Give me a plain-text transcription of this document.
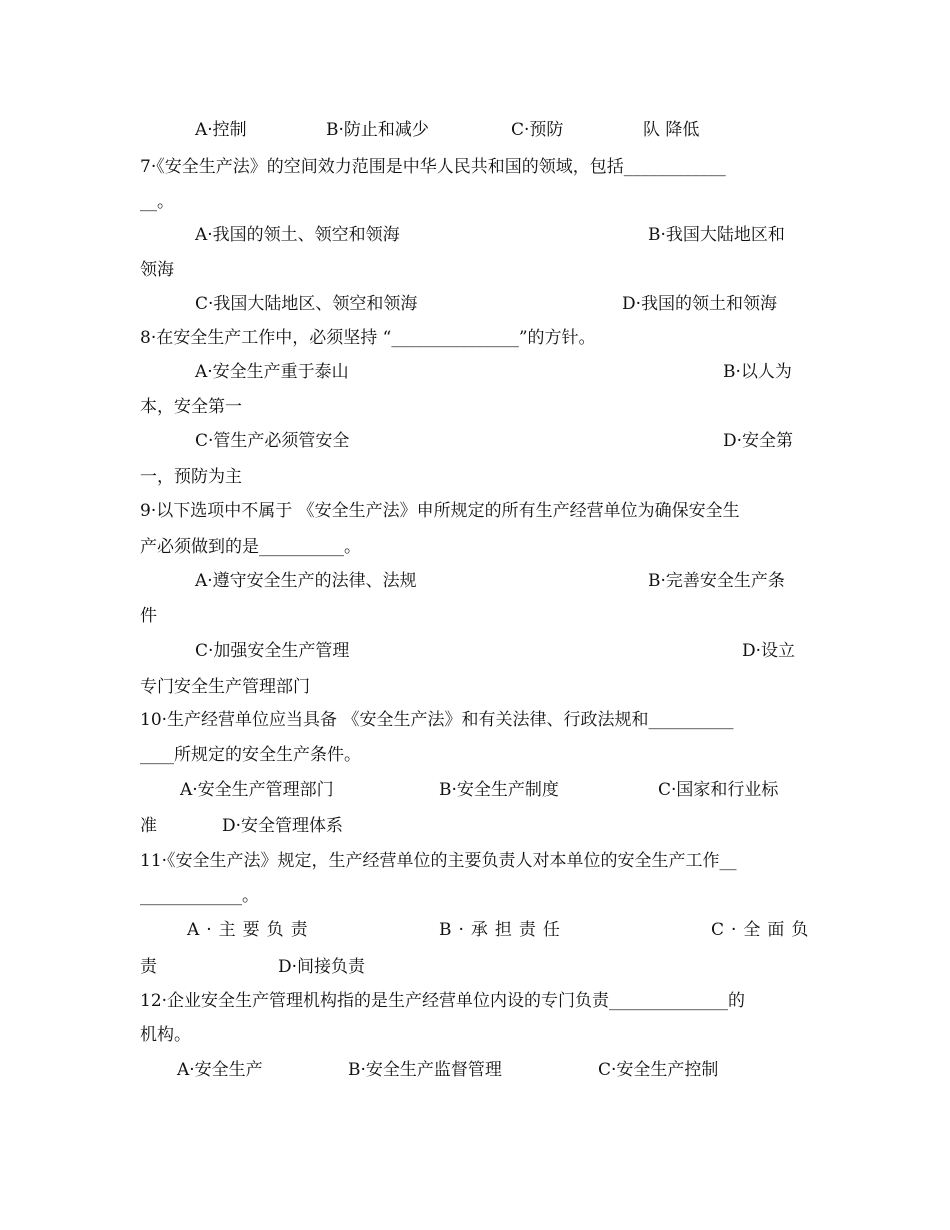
A·控制	B·防止和减少	C·预防	队 降低
7·《安全生产法》的空间效力范围是中华人民共和国的领域，包括____________
__。
A·我国的领土、领空和领海	B·我国大陆地区和
领海
C·我国大陆地区、领空和领海	D·我国的领土和领海
8·在安全生产工作中，必须坚持 “_______________”的方针。
A·安全生产重于泰山	B·以人为
本，安全第一
C·管生产必须管安全	D·安全第
一，预防为主
9·以下选项中不属于 《安全生产法》申所规定的所有生产经营单位为确保安全生
产必须做到的是__________。
A·遵守安全生产的法律、法规	B·完善安全生产条
件
C·加强安全生产管理	D·设立
专门安全生产管理部门
10·生产经营单位应当具备 《安全生产法》和有关法律、行政法规和__________
____所规定的安全生产条件。
A·安全生产管理部门	B·安全生产制度	C·国家和行业标
准	D·安全管理体系
11·《安全生产法》规定，生产经营单位的主要负责人对本单位的安全生产工作__
____________。
A·主要负责	B·承担责任	C·全面负
责	D·间接负责
12·企业安全生产管理机构指的是生产经营单位内设的专门负责______________的
机构。
A·安全生产	B·安全生产监督管理	C·安全生产控制
